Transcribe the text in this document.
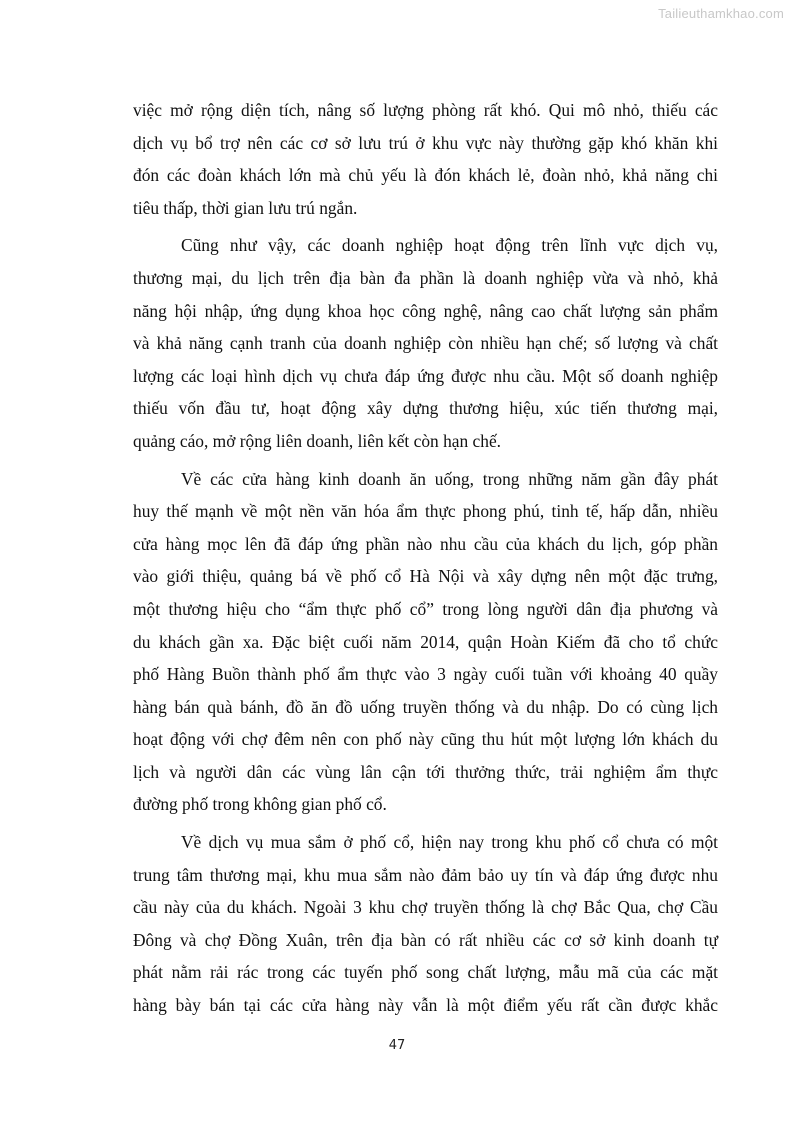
Tailieuthamkhao.com
việc mở rộng diện tích, nâng số lượng phòng rất khó. Qui mô nhỏ, thiếu các
dịch vụ bổ trợ nên các cơ sở lưu trú ở khu vực này thường gặp khó khăn khi
đón các đoàn khách lớn mà chủ yếu là đón khách lẻ, đoàn nhỏ, khả năng chi
tiêu thấp, thời gian lưu trú ngắn.
Cũng như vậy, các doanh nghiệp hoạt động trên lĩnh vực dịch vụ,
thương mại, du lịch trên địa bàn đa phần là doanh nghiệp vừa và nhỏ, khả
năng hội nhập, ứng dụng khoa học công nghệ, nâng cao chất lượng sản phẩm
và khả năng cạnh tranh của doanh nghiệp còn nhiều hạn chế; số lượng và chất
lượng các loại hình dịch vụ chưa đáp ứng được nhu cầu. Một số doanh nghiệp
thiếu vốn đầu tư, hoạt động xây dựng thương hiệu, xúc tiến thương mại,
quảng cáo, mở rộng liên doanh, liên kết còn hạn chế.
Về các cửa hàng kinh doanh ăn uống, trong những năm gần đây phát
huy thế mạnh về một nền văn hóa ẩm thực phong phú, tinh tế, hấp dẫn, nhiều
cửa hàng mọc lên đã đáp ứng phần nào nhu cầu của khách du lịch, góp phần
vào giới thiệu, quảng bá về phố cổ Hà Nội và xây dựng nên một đặc trưng,
một thương hiệu cho “ẩm thực phố cổ” trong lòng người dân địa phương và
du khách gần xa. Đặc biệt cuối năm 2014, quận Hoàn Kiếm đã cho tổ chức
phố Hàng Buồn thành phố ẩm thực vào 3 ngày cuối tuần với khoảng 40 quầy
hàng bán quà bánh, đồ ăn đồ uống truyền thống và du nhập. Do có cùng lịch
hoạt động với chợ đêm nên con phố này cũng thu hút một lượng lớn khách du
lịch và người dân các vùng lân cận tới thưởng thức, trải nghiệm ẩm thực
đường phố trong không gian phố cổ.
Về dịch vụ mua sắm ở phố cổ, hiện nay trong khu phố cổ chưa có một
trung tâm thương mại, khu mua sắm nào đảm bảo uy tín và đáp ứng được nhu
cầu này của du khách. Ngoài 3 khu chợ truyền thống là chợ Bắc Qua, chợ Cầu
Đông và chợ Đồng Xuân, trên địa bàn có rất nhiều các cơ sở kinh doanh tự
phát nằm rải rác trong các tuyến phố song chất lượng, mẫu mã của các mặt
hàng bày bán tại các cửa hàng này vẫn là một điểm yếu rất cần được khắc
47
